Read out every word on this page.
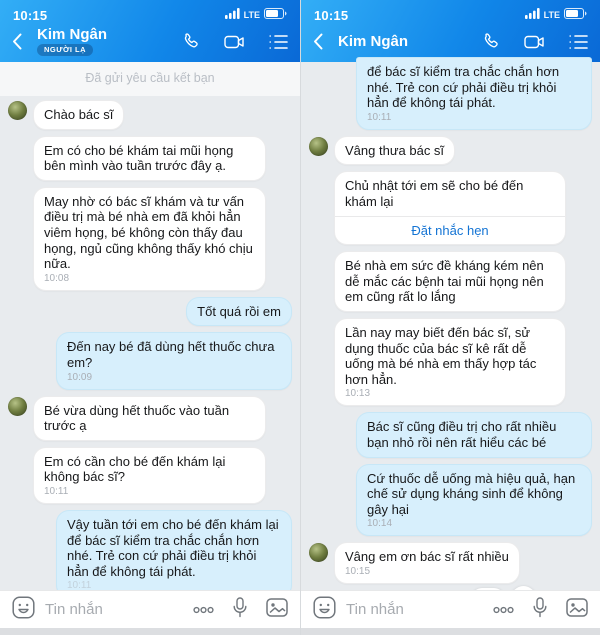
10:15	LTE
Kim Ngân
NGƯỜI LẠ
Đã gửi yêu cầu kết bạn
Chào bác sĩ
Em có cho bé khám tai mũi họng bên mình vào tuần trước đây ạ.
May nhờ có bác sĩ khám và tư vấn điều trị mà bé nhà em đã khỏi hẳn viêm họng, bé không còn thấy đau họng, ngủ cũng không thấy khó chịu nữa.
10:08
Tốt quá rồi em
Đến nay bé đã dùng hết thuốc chưa em?
10:09
Bé vừa dùng hết thuốc vào tuần trước ạ
Em có cần cho bé đến khám lại không bác sĩ?
10:11
Vậy tuần tới em cho bé đến khám lại để bác sĩ kiểm tra chắc chắn hơn nhé. Trẻ con cứ phải điều trị khỏi hẳn để không tái phát.
10:11
Tin nhắn
10:15	LTE
Kim Ngân
để bác sĩ kiểm tra chắc chắn hơn nhé. Trẻ con cứ phải điều trị khỏi hẳn để không tái phát.
10:11
Vâng thưa bác sĩ
Chủ nhật tới em sẽ cho bé đến khám lại
Đặt nhắc hẹn
Bé nhà em sức đề kháng kém nên dễ mắc các bệnh tai mũi họng nên em cũng rất lo lắng
Lần nay may biết đến bác sĩ, sử dụng thuốc của bác sĩ kê rất dễ uống mà bé nhà em thấy hợp tác hơn hẳn.
10:13
Bác sĩ cũng điều trị cho rất nhiều bạn nhỏ rồi nên rất hiểu các bé
Cứ thuốc dễ uống mà hiệu quả, hạn chế sử dụng kháng sinh để không gây hại
10:14
Vâng em ơn bác sĩ rất nhiều
10:15
Tin nhắn
